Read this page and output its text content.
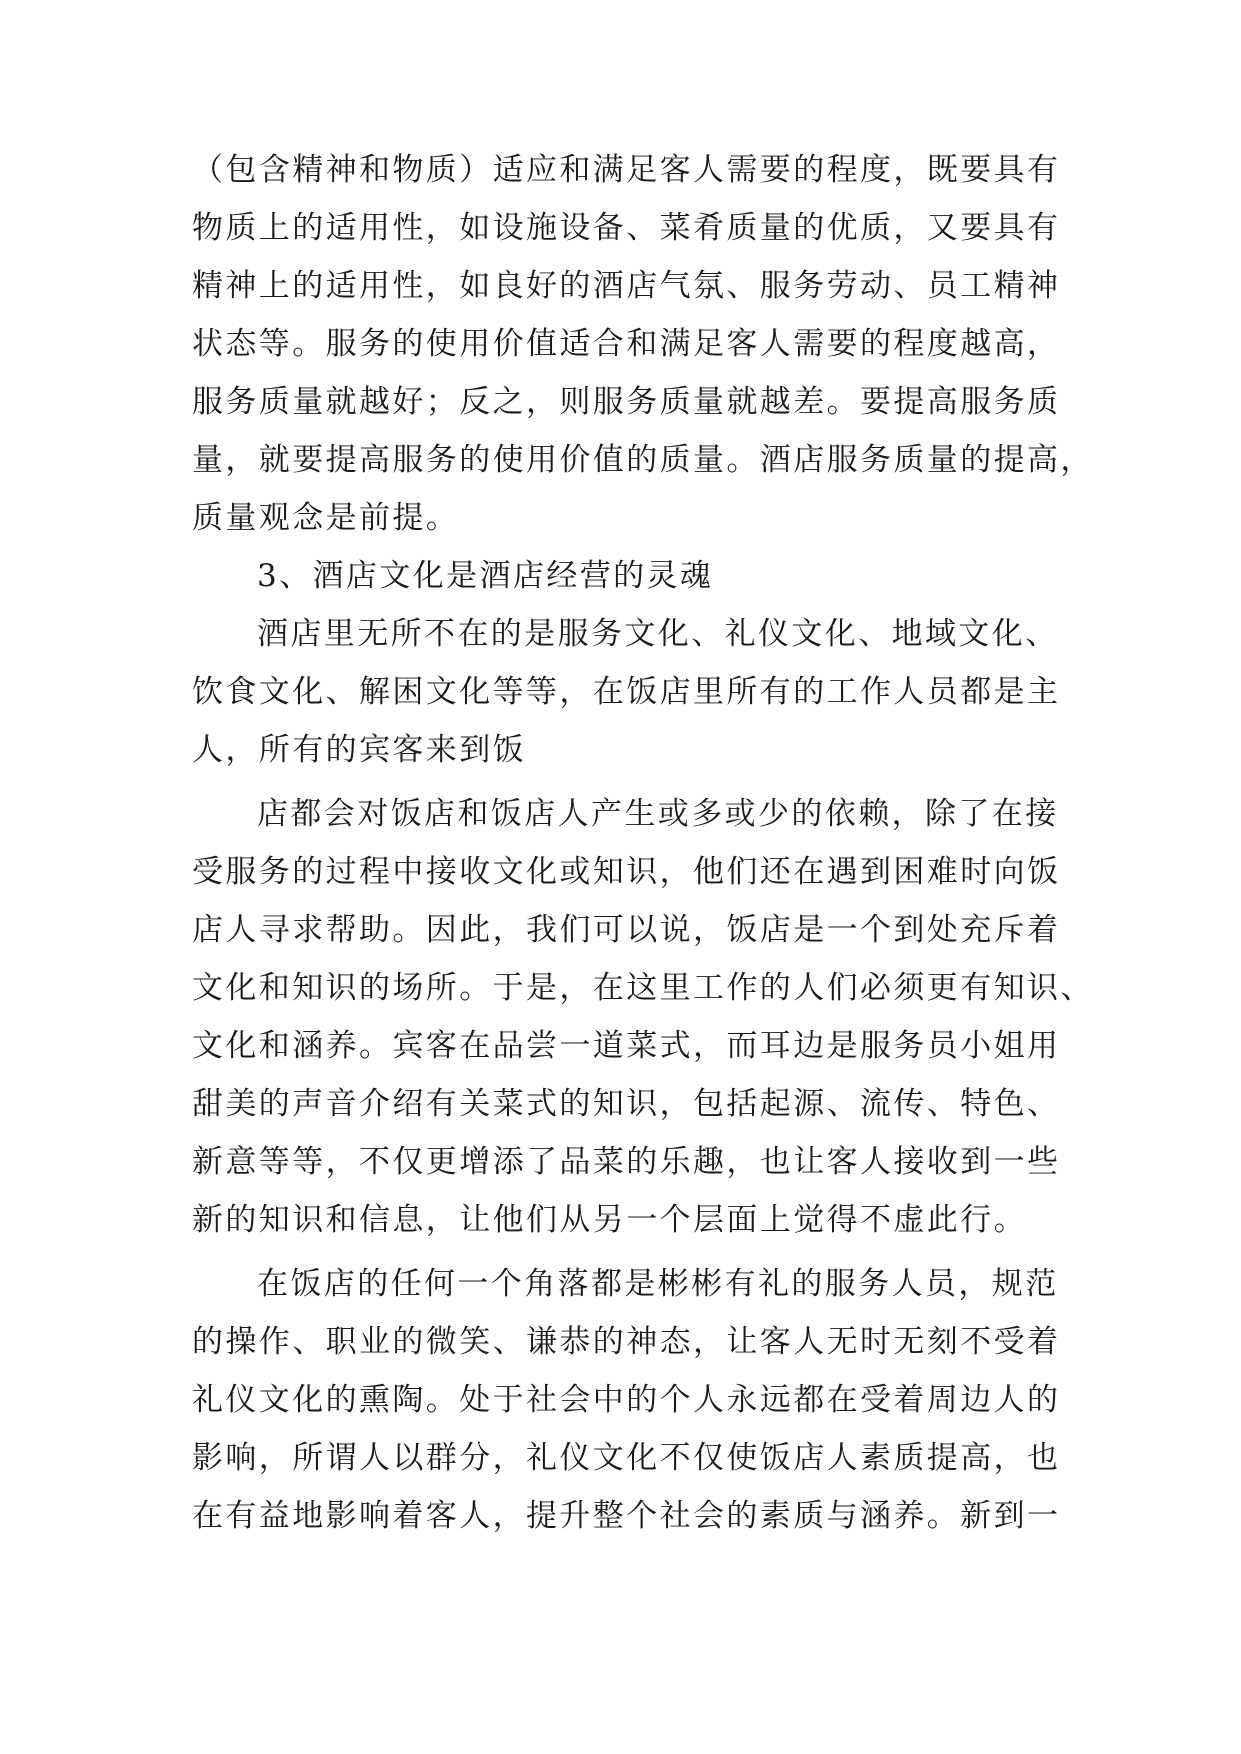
（包含精神和物质）适应和满足客人需要的程度，既要具有
物质上的适用性，如设施设备、菜肴质量的优质，又要具有
精神上的适用性，如良好的酒店气氛、服务劳动、员工精神
状态等。服务的使用价值适合和满足客人需要的程度越高，
服务质量就越好；反之，则服务质量就越差。要提高服务质
量，就要提高服务的使用价值的质量。酒店服务质量的提高，
质量观念是前提。
3、酒店文化是酒店经营的灵魂
酒店里无所不在的是服务文化、礼仪文化、地域文化、
饮食文化、解困文化等等，在饭店里所有的工作人员都是主
人，所有的宾客来到饭
店都会对饭店和饭店人产生或多或少的依赖，除了在接
受服务的过程中接收文化或知识，他们还在遇到困难时向饭
店人寻求帮助。因此，我们可以说，饭店是一个到处充斥着
文化和知识的场所。于是，在这里工作的人们必须更有知识、
文化和涵养。宾客在品尝一道菜式，而耳边是服务员小姐用
甜美的声音介绍有关菜式的知识，包括起源、流传、特色、
新意等等，不仅更增添了品菜的乐趣，也让客人接收到一些
新的知识和信息，让他们从另一个层面上觉得不虚此行。
在饭店的任何一个角落都是彬彬有礼的服务人员，规范
的操作、职业的微笑、谦恭的神态，让客人无时无刻不受着
礼仪文化的熏陶。处于社会中的个人永远都在受着周边人的
影响，所谓人以群分，礼仪文化不仅使饭店人素质提高，也
在有益地影响着客人，提升整个社会的素质与涵养。新到一
